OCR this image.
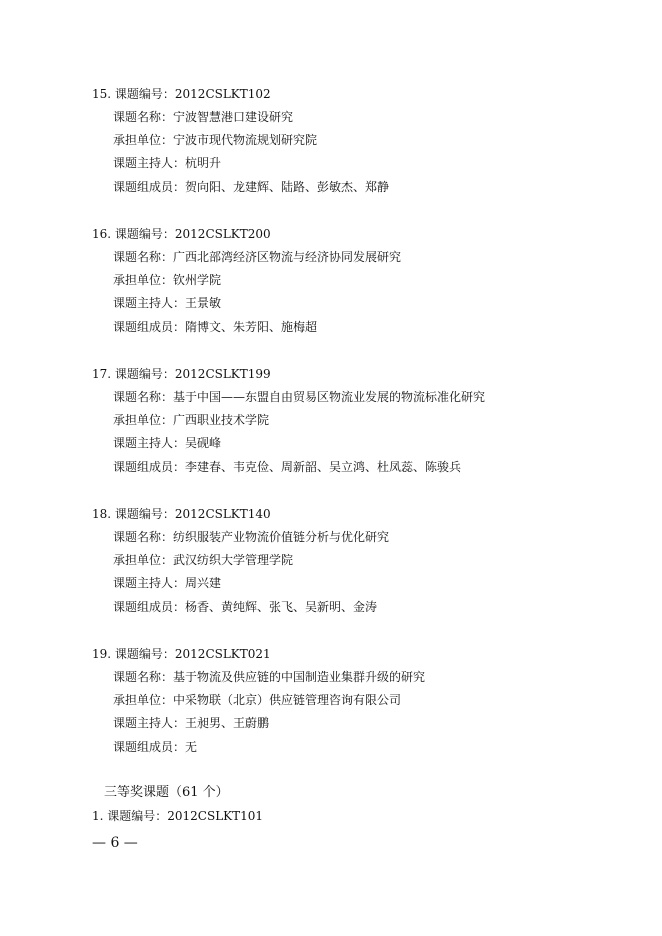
15. 课题编号：2012CSLKT102
课题名称：宁波智慧港口建设研究
承担单位：宁波市现代物流规划研究院
课题主持人：杭明升
课题组成员：贺向阳、龙建辉、陆路、彭敏杰、郑静
16. 课题编号：2012CSLKT200
课题名称：广西北部湾经济区物流与经济协同发展研究
承担单位：钦州学院
课题主持人：王景敏
课题组成员：隋博文、朱芳阳、施梅超
17. 课题编号：2012CSLKT199
课题名称：基于中国——东盟自由贸易区物流业发展的物流标准化研究
承担单位：广西职业技术学院
课题主持人：吴砚峰
课题组成员：李建春、韦克俭、周新韶、吴立鸿、杜凤蕊、陈骏兵
18. 课题编号：2012CSLKT140
课题名称：纺织服装产业物流价值链分析与优化研究
承担单位：武汉纺织大学管理学院
课题主持人：周兴建
课题组成员：杨香、黄纯辉、张飞、吴新明、金涛
19. 课题编号：2012CSLKT021
课题名称：基于物流及供应链的中国制造业集群升级的研究
承担单位：中采物联（北京）供应链管理咨询有限公司
课题主持人：王昶男、王蔚鹏
课题组成员：无
三等奖课题（61 个）
1. 课题编号：2012CSLKT101
— 6 —
